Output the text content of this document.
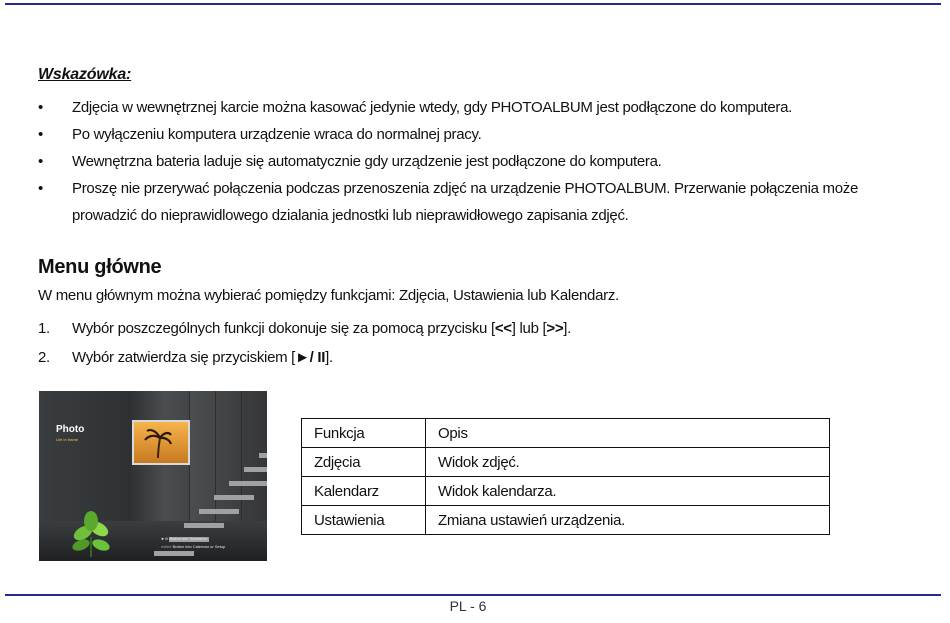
Wskazówka:
• Zdjęcia w wewnętrznej karcie można kasować jedynie wtedy, gdy PHOTOALBUM jest podłączone do komputera.
• Po wyłączeniu komputera urządzenie wraca do normalnej pracy.
• Wewnętrzna bateria laduje się automatycznie gdy urządzenie jest podłączone do komputera.
• Proszę nie przerywać połączenia podczas przenoszenia zdjęć na urządzenie PHOTOALBUM. Przerwanie połączenia może prowadzić do nieprawidlowego dzialania jednostki lub nieprawidłowego zapisania zdjęć.
Menu główne
W menu głównym można wybierać pomiędzy funkcjami: Zdjęcia, Ustawienia lub Kalendarz.
1. Wybór poszczególnych funkcji dokonuje się za pomocą przycisku [<<] lub [>>].
2. Wybór zatwierdza się przyciskiem [►/ II].
Photo
Life in frame
►/II Button into Submenu
<</>> Button into Calendar or Setup
Funkcja	Opis
Zdjęcia	Widok zdjęć.
Kalendarz	Widok kalendarza.
Ustawienia	Zmiana ustawień urządzenia.
PL - 6
